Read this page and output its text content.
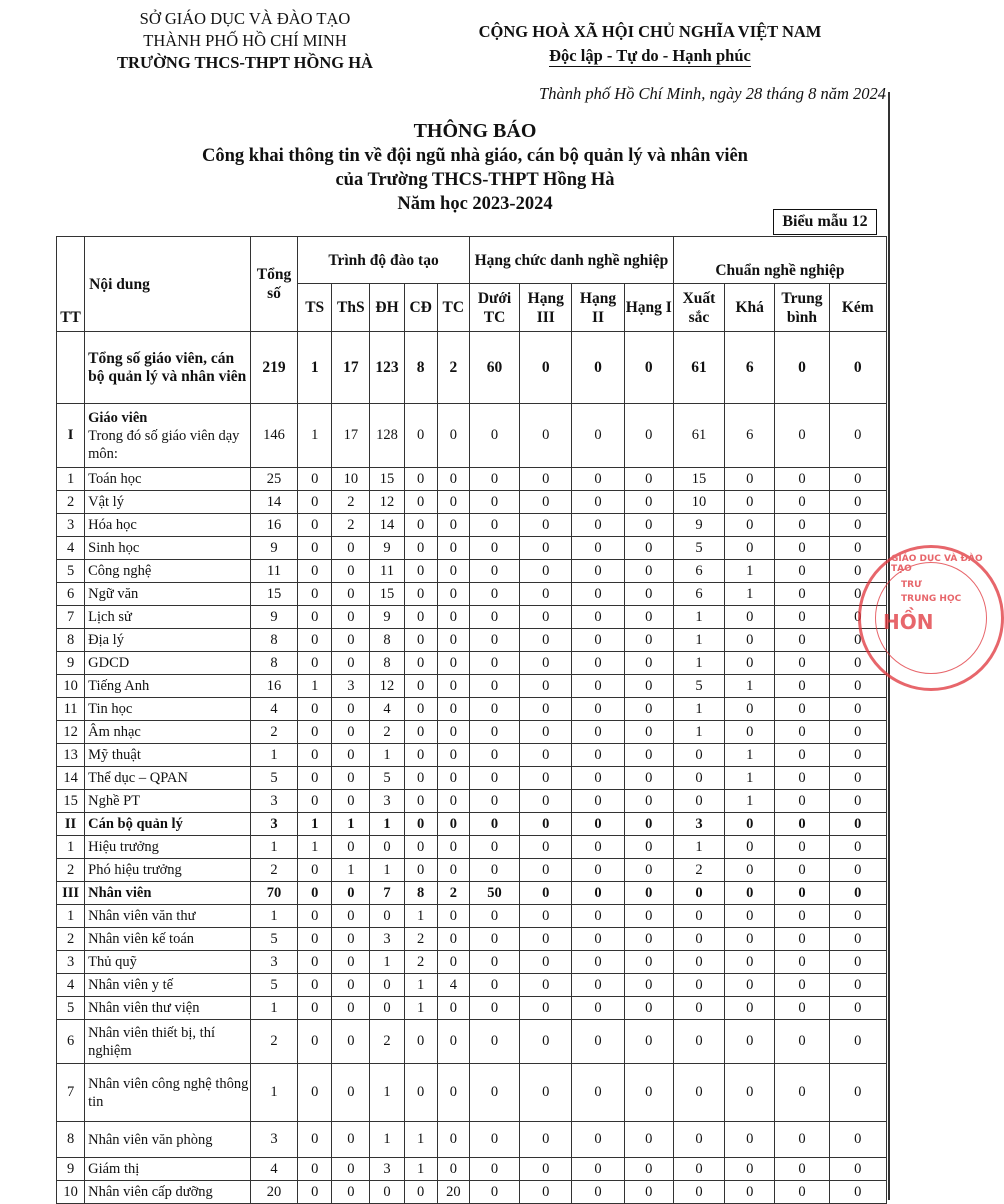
SỞ GIÁO DỤC VÀ ĐÀO TẠO
THÀNH PHỐ HỒ CHÍ MINH
TRƯỜNG THCS-THPT HỒNG HÀ
CỘNG HOÀ XÃ HỘI CHỦ NGHĨA VIỆT NAM
Độc lập - Tự do - Hạnh phúc
Thành phố Hồ Chí Minh, ngày 28 tháng 8 năm 2024
THÔNG BÁO
Công khai thông tin về đội ngũ nhà giáo, cán bộ quản lý và nhân viên
của Trường THCS-THPT Hồng Hà
Năm học 2023-2024
Biểu mẫu 12
TT	Nội dung	Tổng số	Trình độ đào tạo					Hạng chức danh nghề nghiệp				Chuẩn nghề nghiệp			
			TS	ThS	ĐH	CĐ	TC	Dưới TC	Hạng III	Hạng II	Hạng I	Xuất sắc	Khá	Trung bình	Kém

	Tổng số giáo viên, cán bộ quản lý và nhân viên	219	1	17	123	8	2	60	0	0	0	61	6	0	0
I	Giáo viên
Trong đó số giáo viên dạy môn:	146	1	17	128	0	0	0	0	0	0	61	6	0	0
1	Toán học	25	0	10	15	0	0	0	0	0	0	15	0	0	0
2	Vật lý	14	0	2	12	0	0	0	0	0	0	10	0	0	0
3	Hóa học	16	0	2	14	0	0	0	0	0	0	9	0	0	0
4	Sinh học	9	0	0	9	0	0	0	0	0	0	5	0	0	0
5	Công nghệ	11	0	0	11	0	0	0	0	0	0	6	1	0	0
6	Ngữ văn	15	0	0	15	0	0	0	0	0	0	6	1	0	0
7	Lịch sử	9	0	0	9	0	0	0	0	0	0	1	0	0	0
8	Địa lý	8	0	0	8	0	0	0	0	0	0	1	0	0	0
9	GDCD	8	0	0	8	0	0	0	0	0	0	1	0	0	0
10	Tiếng Anh	16	1	3	12	0	0	0	0	0	0	5	1	0	0
11	Tin học	4	0	0	4	0	0	0	0	0	0	1	0	0	0
12	Âm nhạc	2	0	0	2	0	0	0	0	0	0	1	0	0	0
13	Mỹ thuật	1	0	0	1	0	0	0	0	0	0	0	1	0	0
14	Thể dục – QPAN	5	0	0	5	0	0	0	0	0	0	0	1	0	0
15	Nghề PT	3	0	0	3	0	0	0	0	0	0	0	1	0	0
II	Cán bộ quản lý	3	1	1	1	0	0	0	0	0	0	3	0	0	0
1	Hiệu trưởng	1	1	0	0	0	0	0	0	0	0	1	0	0	0
2	Phó hiệu trưởng	2	0	1	1	0	0	0	0	0	0	2	0	0	0
III	Nhân viên	70	0	0	7	8	2	50	0	0	0	0	0	0	0
1	Nhân viên văn thư	1	0	0	0	1	0	0	0	0	0	0	0	0	0
2	Nhân viên kế toán	5	0	0	3	2	0	0	0	0	0	0	0	0	0
3	Thủ quỹ	3	0	0	1	2	0	0	0	0	0	0	0	0	0
4	Nhân viên y tế	5	0	0	0	1	4	0	0	0	0	0	0	0	0
5	Nhân viên thư viện	1	0	0	0	1	0	0	0	0	0	0	0	0	0
6	Nhân viên thiết bị, thí nghiệm	2	0	0	2	0	0	0	0	0	0	0	0	0	0
7	Nhân viên công nghệ thông tin	1	0	0	1	0	0	0	0	0	0	0	0	0	0
8	Nhân viên văn phòng	3	0	0	1	1	0	0	0	0	0	0	0	0	0
9	Giám thị	4	0	0	3	1	0	0	0	0	0	0	0	0	0
10	Nhân viên cấp dưỡng	20	0	0	0	0	20	0	0	0	0	0	0	0	0
GIÁO DỤC VÀ ĐÀO TẠO
TRƯ
TRUNG HỌC
HỒN
